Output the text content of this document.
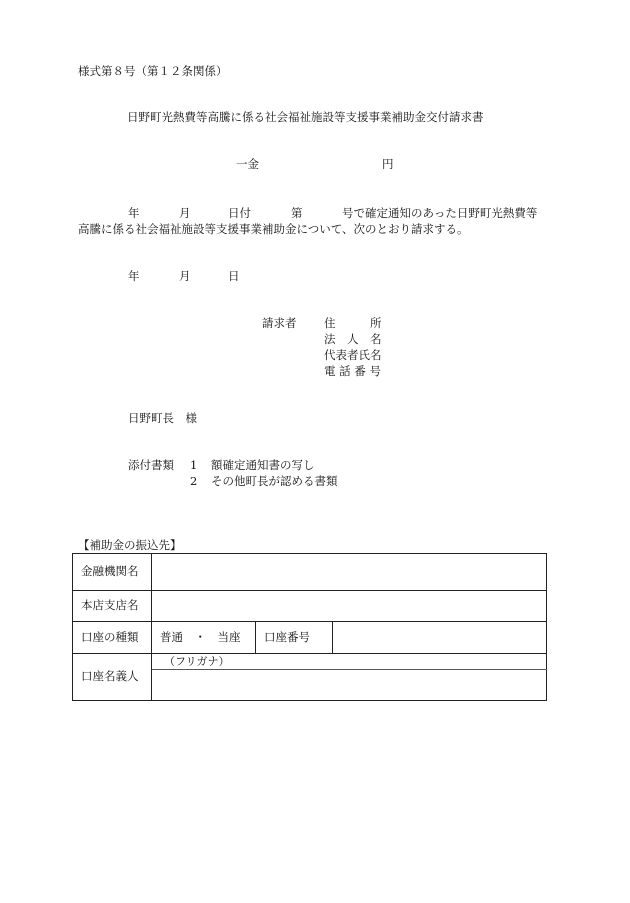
様式第８号（第１２条関係）
日野町光熱費等高騰に係る社会福祉施設等支援事業補助金交付請求書
一金	円
年	月	日付	第	号で確定通知のあった日野町光熱費等
高騰に係る社会福祉施設等支援事業補助金について、次のとおり請求する。
年	月	日
請求者 住　　　所
法　人　名
代表者氏名
電 話 番 号
日野町長　様
添付書類 1 額確定通知書の写し
2 その他町長が認める書類
【補助金の振込先】
金融機関名			
本店支店名			
口座の種類	普通　・　当座	口座番号	
口座名義人	（フリガナ）		
